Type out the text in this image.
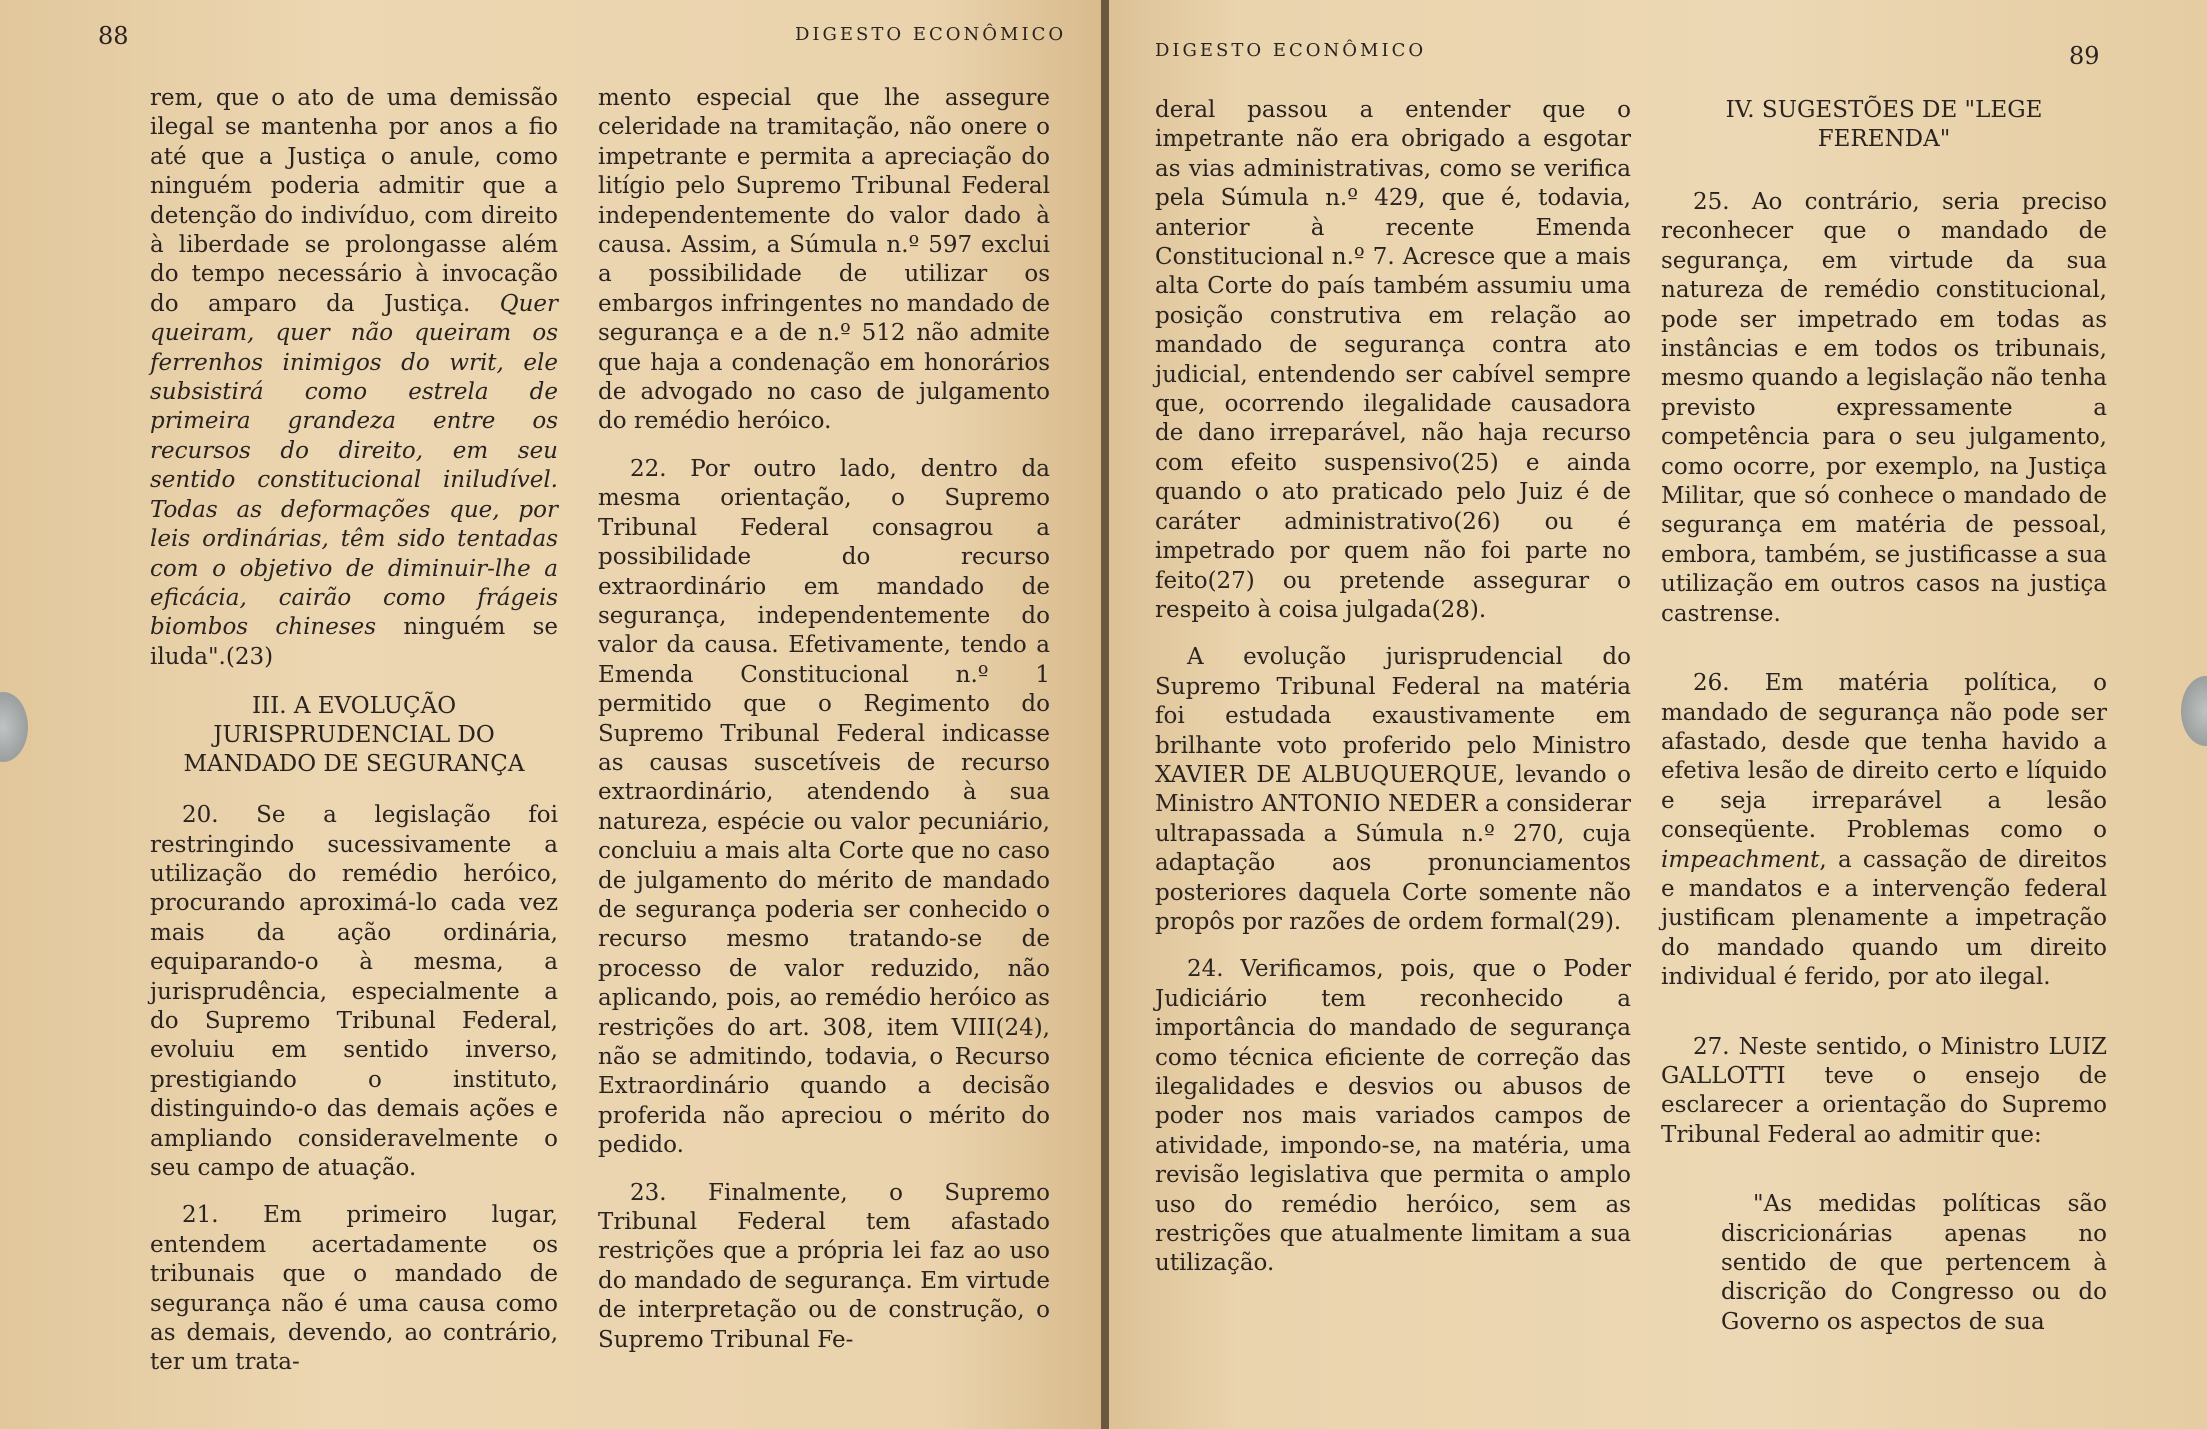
88	DIGESTO ECONÔMICO

rem, que o ato de uma demissão ilegal se mantenha por anos a fio até que a Justiça o anule, como ninguém poderia admitir que a detenção do indivíduo, com direito à liberdade se prolongasse além do tempo necessário à invocação do amparo da Justiça. Quer queiram, quer não queiram os ferrenhos inimigos do writ, ele subsistirá como estrela de primeira grandeza entre os recursos do direito, em seu sentido constitucional iniludível. Todas as deformações que, por leis ordinárias, têm sido tentadas com o objetivo de diminuir-lhe a eficácia, cairão como frágeis biombos chineses ninguém se iluda".(23)

III. A EVOLUÇÃO JURISPRUDENCIAL DO MANDADO DE SEGURANÇA

20. Se a legislação foi restringindo sucessivamente a utilização do remédio heróico, procurando aproximá-lo cada vez mais da ação ordinária, equiparando-o à mesma, a jurisprudência, especialmente a do Supremo Tribunal Federal, evoluiu em sentido inverso, prestigiando o instituto, distinguindo-o das demais ações e ampliando consideravelmente o seu campo de atuação.

21. Em primeiro lugar, entendem acertadamente os tribunais que o mandado de segurança não é uma causa como as demais, devendo, ao contrário, ter um trata-

mento especial que lhe assegure celeridade na tramitação, não onere o impetrante e permita a apreciação do litígio pelo Supremo Tribunal Federal independentemente do valor dado à causa. Assim, a Súmula n.º 597 exclui a possibilidade de utilizar os embargos infringentes no mandado de segurança e a de n.º 512 não admite que haja a condenação em honorários de advogado no caso de julgamento do remédio heróico.

22. Por outro lado, dentro da mesma orientação, o Supremo Tribunal Federal consagrou a possibilidade do recurso extraordinário em mandado de segurança, independentemente do valor da causa. Efetivamente, tendo a Emenda Constitucional n.º 1 permitido que o Regimento do Supremo Tribunal Federal indicasse as causas suscetíveis de recurso extraordinário, atendendo à sua natureza, espécie ou valor pecuniário, concluiu a mais alta Corte que no caso de julgamento do mérito de mandado de segurança poderia ser conhecido o recurso mesmo tratando-se de processo de valor reduzido, não aplicando, pois, ao remédio heróico as restrições do art. 308, item VIII(24), não se admitindo, todavia, o Recurso Extraordinário quando a decisão proferida não apreciou o mérito do pedido.

23. Finalmente, o Supremo Tribunal Federal tem afastado restrições que a própria lei faz ao uso do mandado de segurança. Em virtude de interpretação ou de construção, o Supremo Tribunal Fe-

DIGESTO ECONÔMICO	89

deral passou a entender que o impetrante não era obrigado a esgotar as vias administrativas, como se verifica pela Súmula n.º 429, que é, todavia, anterior à recente Emenda Constitucional n.º 7. Acresce que a mais alta Corte do país também assumiu uma posição construtiva em relação ao mandado de segurança contra ato judicial, entendendo ser cabível sempre que, ocorrendo ilegalidade causadora de dano irreparável, não haja recurso com efeito suspensivo(25) e ainda quando o ato praticado pelo Juiz é de caráter administrativo(26) ou é impetrado por quem não foi parte no feito(27) ou pretende assegurar o respeito à coisa julgada(28).

A evolução jurisprudencial do Supremo Tribunal Federal na matéria foi estudada exaustivamente em brilhante voto proferido pelo Ministro XAVIER DE ALBUQUERQUE, levando o Ministro ANTONIO NEDER a considerar ultrapassada a Súmula n.º 270, cuja adaptação aos pronunciamentos posteriores daquela Corte somente não propôs por razões de ordem formal(29).

24. Verificamos, pois, que o Poder Judiciário tem reconhecido a importância do mandado de segurança como técnica eficiente de correção das ilegalidades e desvios ou abusos de poder nos mais variados campos de atividade, impondo-se, na matéria, uma revisão legislativa que permita o amplo uso do remédio heróico, sem as restrições que atualmente limitam a sua utilização.

IV. SUGESTÕES DE "LEGE FERENDA"

25. Ao contrário, seria preciso reconhecer que o mandado de segurança, em virtude da sua natureza de remédio constitucional, pode ser impetrado em todas as instâncias e em todos os tribunais, mesmo quando a legislação não tenha previsto expressamente a competência para o seu julgamento, como ocorre, por exemplo, na Justiça Militar, que só conhece o mandado de segurança em matéria de pessoal, embora, também, se justificasse a sua utilização em outros casos na justiça castrense.

26. Em matéria política, o mandado de segurança não pode ser afastado, desde que tenha havido a efetiva lesão de direito certo e líquido e seja irreparável a lesão conseqüente. Problemas como o impeachment, a cassação de direitos e mandatos e a intervenção federal justificam plenamente a impetração do mandado quando um direito individual é ferido, por ato ilegal.

27. Neste sentido, o Ministro LUIZ GALLOTTI teve o ensejo de esclarecer a orientação do Supremo Tribunal Federal ao admitir que:

"As medidas políticas são discricionárias apenas no sentido de que pertencem à discrição do Congresso ou do Governo os aspectos de sua
